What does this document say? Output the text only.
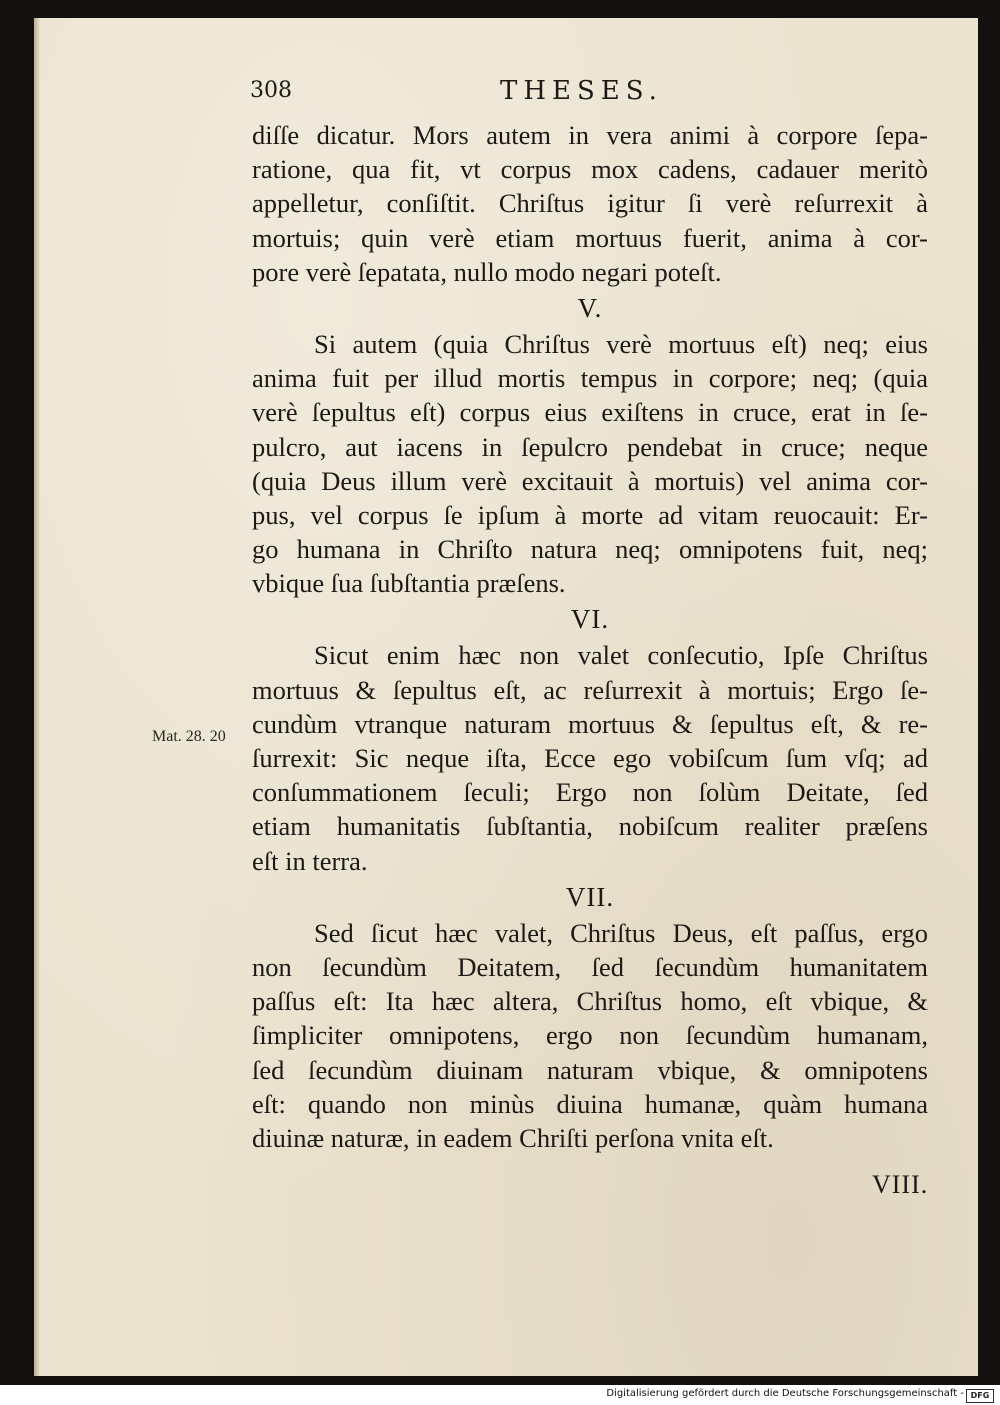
308	THESES.
diſſe dicatur. Mors autem in vera animi à corpore ſepa-
ratione, qua fit, vt corpus mox cadens, cadauer meritò
appelletur, conſiſtit. Chriſtus igitur ſi verè reſurrexit à
mortuis; quin verè etiam mortuus fuerit, anima à cor-
pore verè ſepatata, nullo modo negari poteſt.
V.
Si autem (quia Chriſtus verè mortuus eſt) neq; eius
anima fuit per illud mortis tempus in corpore; neq; (quia
verè ſepultus eſt) corpus eius exiſtens in cruce, erat in ſe-
pulcro, aut iacens in ſepulcro pendebat in cruce; neque
(quia Deus illum verè excitauit à mortuis) vel anima cor-
pus, vel corpus ſe ipſum à morte ad vitam reuocauit: Er-
go humana in Chriſto natura neq; omnipotens fuit, neq;
vbique ſua ſubſtantia præſens.
VI.
Sicut enim hæc non valet conſecutio, Ipſe Chriſtus
mortuus & ſepultus eſt, ac reſurrexit à mortuis; Ergo ſe-
cundùm vtranque naturam mortuus & ſepultus eſt, & re-
ſurrexit: Sic neque iſta, Ecce ego vobiſcum ſum vſq; ad
conſummationem ſeculi; Ergo non ſolùm Deitate, ſed
etiam humanitatis ſubſtantia, nobiſcum realiter præſens
eſt in terra.
VII.
Sed ſicut hæc valet, Chriſtus Deus, eſt paſſus, ergo
non ſecundùm Deitatem, ſed ſecundùm humanitatem
paſſus eſt: Ita hæc altera, Chriſtus homo, eſt vbique, &
ſimpliciter omnipotens, ergo non ſecundùm humanam,
ſed ſecundùm diuinam naturam vbique, & omnipotens
eſt: quando non minùs diuina humanæ, quàm humana
diuinæ naturæ, in eadem Chriſti perſona vnita eſt.
Mat. 28. 20
VIII.
Digitalisierung gefördert durch die Deutsche Forschungsgemeinschaft - DFG
